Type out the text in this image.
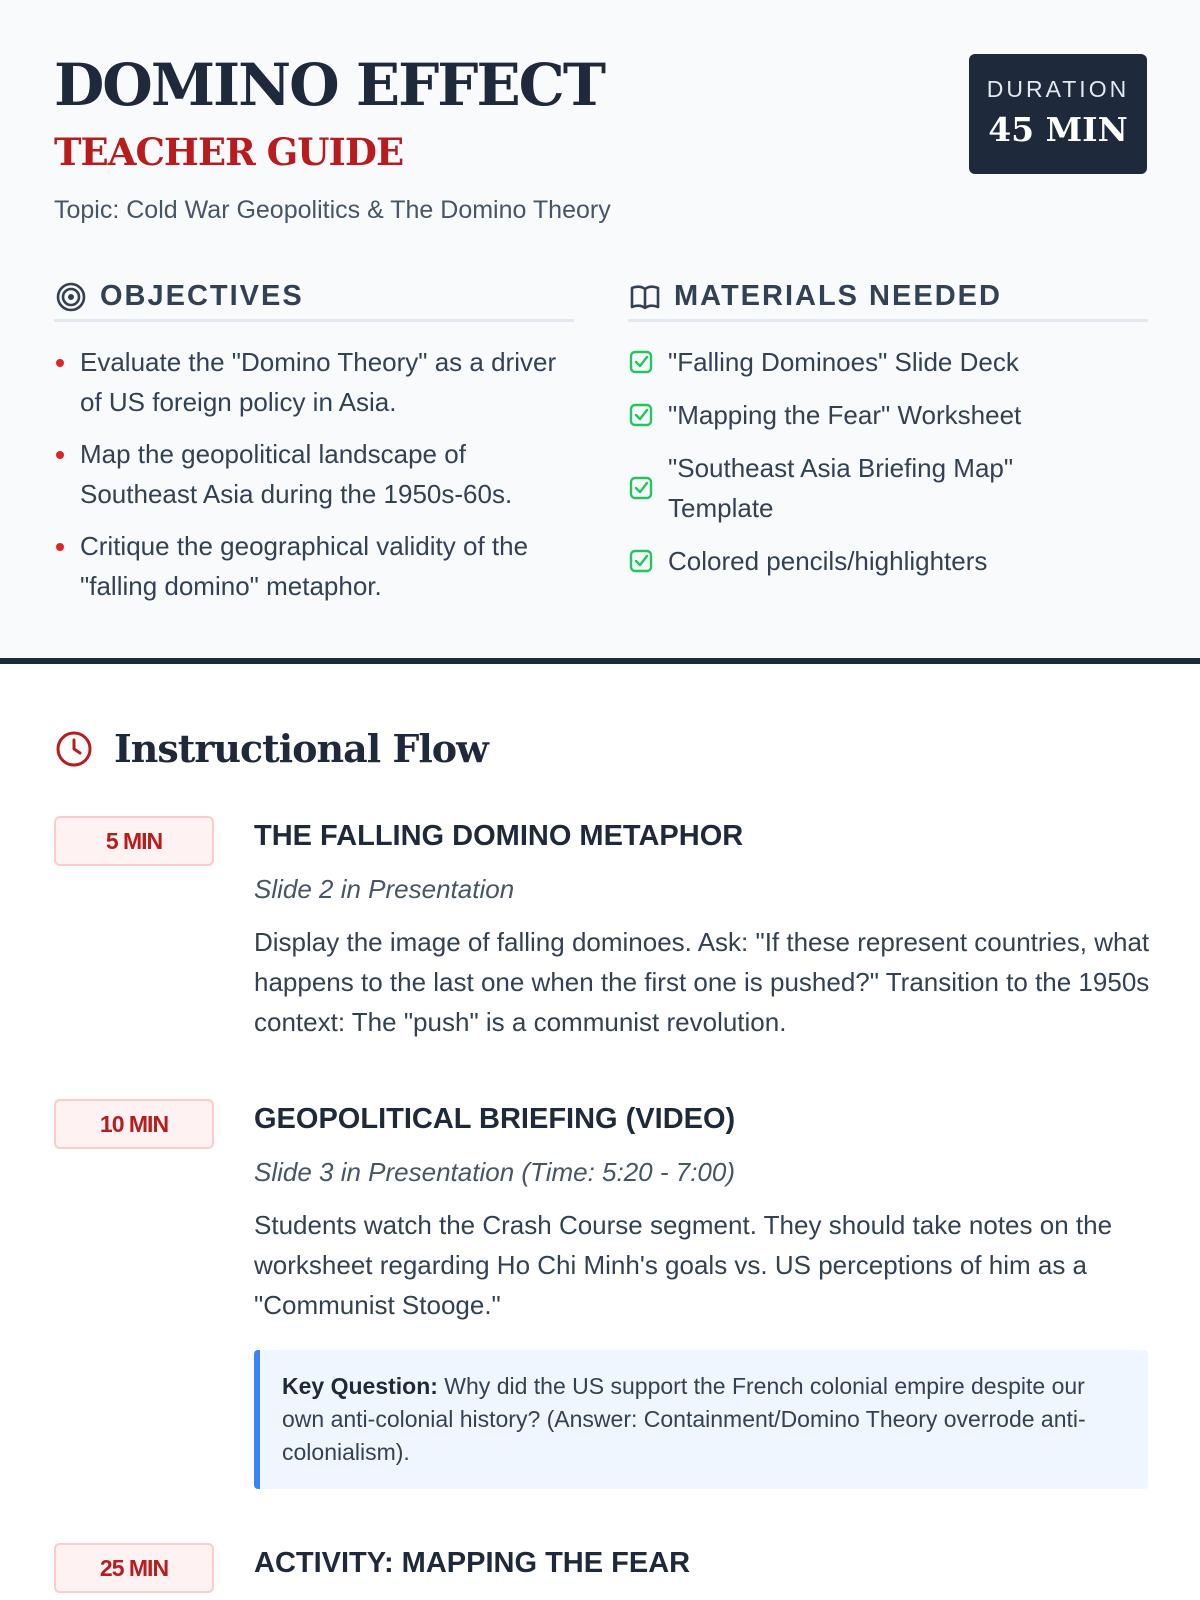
DOMINO EFFECT
TEACHER GUIDE
Topic: Cold War Geopolitics & The Domino Theory
DURATION
45 MIN
OBJECTIVES
Evaluate the "Domino Theory" as a driver of US foreign policy in Asia.
Map the geopolitical landscape of Southeast Asia during the 1950s-60s.
Critique the geographical validity of the "falling domino" metaphor.
MATERIALS NEEDED
"Falling Dominoes" Slide Deck
"Mapping the Fear" Worksheet
"Southeast Asia Briefing Map" Template
Colored pencils/highlighters
Instructional Flow
5 MIN	THE FALLING DOMINO METAPHOR
Slide 2 in Presentation
Display the image of falling dominoes. Ask: "If these represent countries, what happens to the last one when the first one is pushed?" Transition to the 1950s context: The "push" is a communist revolution.
10 MIN	GEOPOLITICAL BRIEFING (VIDEO)
Slide 3 in Presentation (Time: 5:20 - 7:00)
Students watch the Crash Course segment. They should take notes on the worksheet regarding Ho Chi Minh's goals vs. US perceptions of him as a "Communist Stooge."
Key Question: Why did the US support the French colonial empire despite our own anti-colonial history? (Answer: Containment/Domino Theory overrode anti-colonialism).
25 MIN	ACTIVITY: MAPPING THE FEAR
